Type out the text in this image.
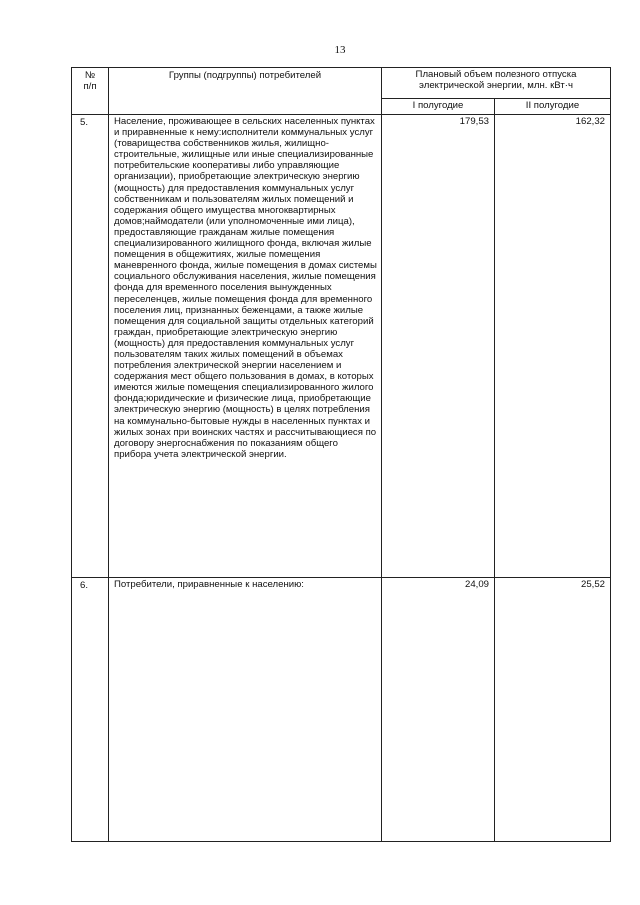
13
№
п/п	Группы (подгруппы) потребителей	Плановый объем полезного отпуска
электрической энергии, млн. кВт·ч	
		I полугодие	II полугодие
5.	Население, проживающее в сельских населенных пунктах и приравненные к нему:исполнители коммунальных услуг (товарищества собственников жилья, жилищно-строительные, жилищные или иные специализированные потребительские кооперативы либо управляющие организации), приобретающие электрическую энергию (мощность) для предоставления коммунальных услуг собственникам и пользователям жилых помещений и содержания общего имущества многоквартирных домов;наймодатели (или уполномоченные ими лица), предоставляющие гражданам жилые помещения специализированного жилищного фонда, включая жилые помещения в общежитиях, жилые помещения маневренного фонда, жилые помещения в домах системы социального обслуживания населения, жилые помещения фонда для временного поселения вынужденных переселенцев, жилые помещения фонда для временного поселения лиц, признанных беженцами, а также жилые помещения для социальной защиты отдельных категорий граждан, приобретающие электрическую энергию (мощность) для предоставления коммунальных услуг пользователям таких жилых помещений в объемах потребления электрической энергии населением и содержания мест общего пользования в домах, в которых имеются жилые помещения специализированного жилого фонда;юридические и физические лица, приобретающие электрическую энергию (мощность) в целях потребления на коммунально-бытовые нужды в населенных пунктах и жилых зонах при воинских частях и рассчитывающиеся по договору энергоснабжения по показаниям общего прибора учета электрической энергии.	179,53	162,32
6.	Потребители, приравненные к населению:	24,09	25,52
